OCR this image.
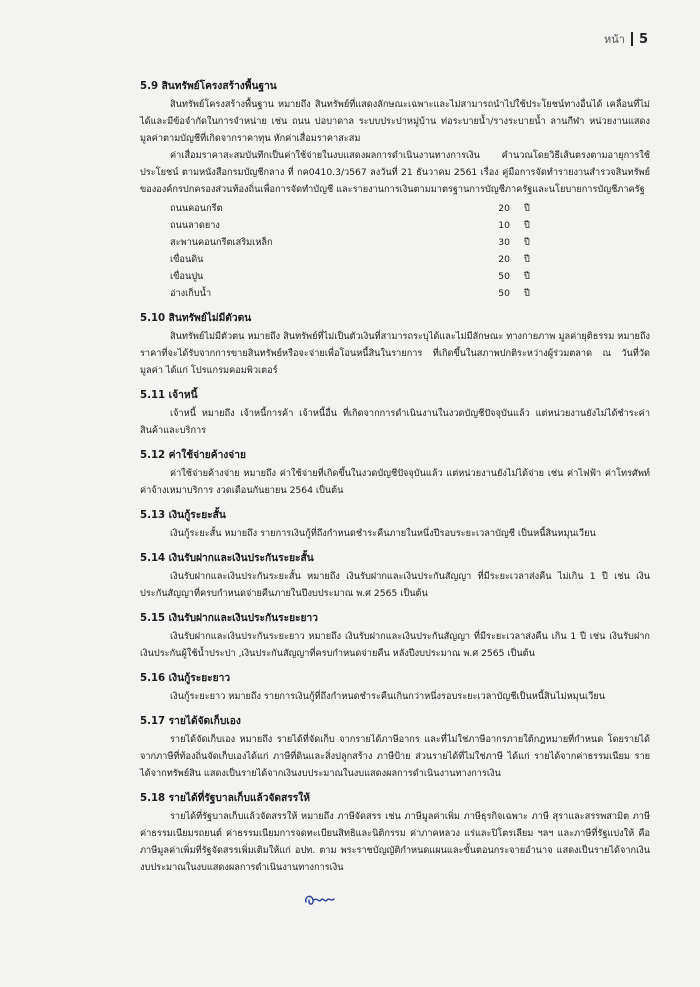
หน้า 5
5.9 สินทรัพย์โครงสร้างพื้นฐาน

สินทรัพย์โครงสร้างพื้นฐาน หมายถึง สินทรัพย์ที่แสดงลักษณะเฉพาะและไม่สามารถนำไปใช้ประโยชน์ทางอื่นได้ เคลื่อนที่ไม่ได้และมีข้อจำกัดในการจำหน่าย เช่น ถนน บ่อบาดาล ระบบประปาหมู่บ้าน ท่อระบายน้ำ/รางระบายน้ำ ลานกีฬา หน่วยงานแสดงมูลค่าตามบัญชีที่เกิดจากราคาทุน หักค่าเสื่อมราคาสะสม

ค่าเสื่อมราคาสะสมบันทึกเป็นค่าใช้จ่ายในงบแสดงผลการดำเนินงานทางการเงิน คำนวณโดยวิธีเส้นตรงตามอายุการใช้ประโยชน์ ตามหนังสือกรมบัญชีกลาง ที่ กค0410.3/ว567 ลงวันที่ 21 ธันวาคม 2561 เรื่อง คู่มือการจัดทำรายงานสำรวจสินทรัพย์ขององค์กรปกครองส่วนท้องถิ่นเพื่อการจัดทำบัญชี และรายงานการเงินตามมาตรฐานการบัญชีภาครัฐและนโยบายการบัญชีภาครัฐ

ถนนคอนกรีต	20	ปี
ถนนลาดยาง	10	ปี
สะพานคอนกรีตเสริมเหล็ก	30	ปี
เขื่อนดิน	20	ปี
เขื่อนปูน	50	ปี
อ่างเก็บน้ำ	50	ปี
5.10 สินทรัพย์ไม่มีตัวตน

สินทรัพย์ไม่มีตัวตน หมายถึง สินทรัพย์ที่ไม่เป็นตัวเงินที่สามารถระบุได้และไม่มีลักษณะ ทางกายภาพ มูลค่ายุติธรรม หมายถึง ราคาที่จะได้รับจากการขายสินทรัพย์หรือจะจ่ายเพื่อโอนหนี้สินในรายการ ที่เกิดขึ้นในสภาพปกติระหว่างผู้ร่วมตลาด ณ วันที่วัดมูลค่า ได้แก่ โปรแกรมคอมพิวเตอร์

5.11 เจ้าหนี้

เจ้าหนี้ หมายถึง เจ้าหนี้การค้า เจ้าหนี้อื่น ที่เกิดจากการดำเนินงานในงวดบัญชีปัจจุบันแล้ว แต่หน่วยงานยังไม่ได้ชำระค่าสินค้าและบริการ

5.12 ค่าใช้จ่ายค้างจ่าย

ค่าใช้จ่ายค้างจ่าย หมายถึง ค่าใช้จ่ายที่เกิดขึ้นในงวดบัญชีปัจจุบันแล้ว แต่หน่วยงานยังไม่ได้จ่าย เช่น ค่าไฟฟ้า ค่าโทรศัพท์ ค่าจ้างเหมาบริการ งวดเดือนกันยายน 2564 เป็นต้น

5.13 เงินกู้ระยะสั้น

เงินกู้ระยะสั้น หมายถึง รายการเงินกู้ที่ถึงกำหนดชำระคืนภายในหนึ่งปีรอบระยะเวลาบัญชี เป็นหนี้สินหมุนเวียน

5.14 เงินรับฝากและเงินประกันระยะสั้น

เงินรับฝากและเงินประกันระยะสั้น หมายถึง เงินรับฝากและเงินประกันสัญญา ที่มีระยะเวลาส่งคืน ไม่เกิน 1 ปี เช่น เงินประกันสัญญาที่ครบกำหนดจ่ายคืนภายในปีงบประมาณ พ.ศ 2565 เป็นต้น

5.15 เงินรับฝากและเงินประกันระยะยาว

เงินรับฝากและเงินประกันระยะยาว หมายถึง เงินรับฝากและเงินประกันสัญญา ที่มีระยะเวลาส่งคืน เกิน 1 ปี เช่น เงินรับฝากเงินประกันผู้ใช้น้ำประปา ,เงินประกันสัญญาที่ครบกำหนดจ่ายคืน หลังปีงบประมาณ พ.ศ 2565 เป็นต้น

5.16 เงินกู้ระยะยาว

เงินกู้ระยะยาว หมายถึง รายการเงินกู้ที่ถึงกำหนดชำระคืนเกินกว่าหนึ่งรอบระยะเวลาบัญชีเป็นหนี้สินไม่หมุนเวียน

5.17 รายได้จัดเก็บเอง

รายได้จัดเก็บเอง หมายถึง รายได้ที่จัดเก็บ จากรายได้ภาษีอากร และที่ไม่ใช่ภาษีอากรภายใต้กฎหมายที่กำหนด โดยรายได้จากภาษีที่ท้องถิ่นจัดเก็บเองได้แก่ ภาษีที่ดินและสิ่งปลูกสร้าง ภาษีป้าย ส่วนรายได้ที่ไม่ใช่ภาษี ได้แก่ รายได้จากค่าธรรมเนียม รายได้จากทรัพย์สิน แสดงเป็นรายได้จากเงินงบประมาณในงบแสดงผลการดำเนินงานทางการเงิน

5.18 รายได้ที่รัฐบาลเก็บแล้วจัดสรรให้

รายได้ที่รัฐบาลเก็บแล้วจัดสรรให้ หมายถึง ภาษีจัดสรร เช่น ภาษีมูลค่าเพิ่ม ภาษีธุรกิจเฉพาะ ภาษี สุราและสรรพสามิต ภาษีค่าธรรมเนียมรถยนต์ ค่าธรรมเนียมการจดทะเบียนสิทธิและนิติกรรม ค่าภาคหลวง แร่และปิโตรเลียม ฯลฯ และภาษีที่รัฐแบ่งให้ คือ ภาษีมูลค่าเพิ่มที่รัฐจัดสรรเพิ่มเติมให้แก่ อปท. ตาม พระราชบัญญัติกำหนดแผนและขั้นตอนกระจายอำนาจ แสดงเป็นรายได้จากเงินงบประมาณในงบแสดงผลการดำเนินงานทางการเงิน
